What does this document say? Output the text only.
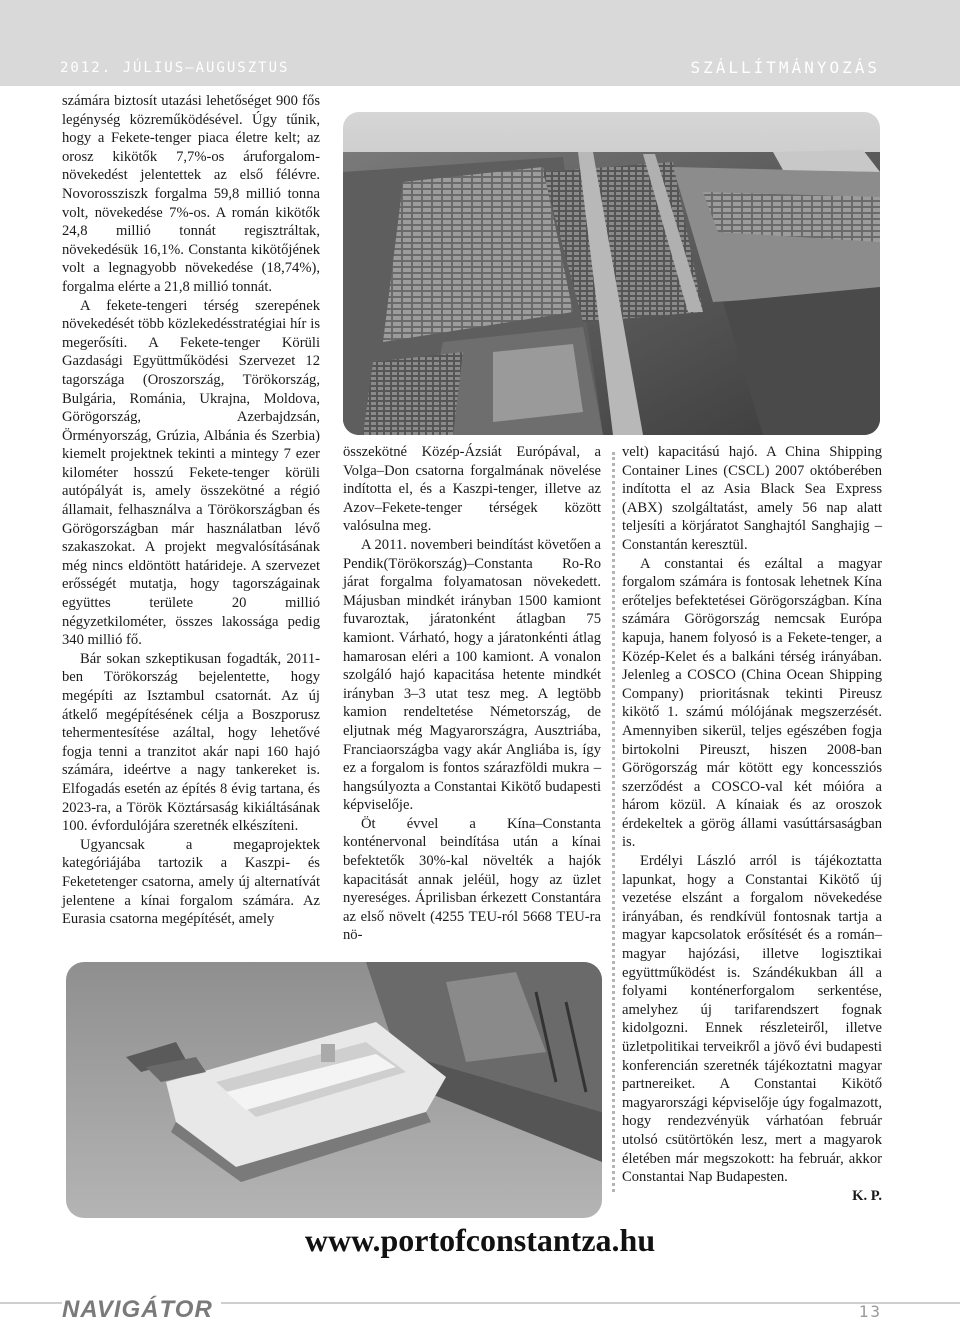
2012. JÚLIUS–AUGUSZTUS	SZÁLLÍTMÁNYOZÁS

számára biztosít utazási lehetőséget 900 fős legénység közreműködésével. Úgy tűnik, hogy a Fekete-tenger piaca életre kelt; az orosz kikötők 7,7%-os áruforgalom-növekedést jelentettek az első félévre. Novorossziszk forgalma 59,8 millió tonna volt, növekedése 7%-os. A román kikötők 24,8 millió tonnát regisztráltak, növekedésük 16,1%. Constanta kikötőjének volt a legnagyobb növekedése (18,74%), forgalma elérte a 21,8 millió tonnát.

A fekete-tengeri térség szerepének növekedését több közlekedésstratégiai hír is megerősíti. A Fekete-tenger Körüli Gazdasági Együttműködési Szervezet 12 tagországa (Oroszország, Törökország, Bulgária, Románia, Ukrajna, Moldova, Görögország, Azerbajdzsán, Örményország, Grúzia, Albánia és Szerbia) kiemelt projektnek tekinti a mintegy 7 ezer kilométer hosszú Fekete-tenger körüli autópályát is, amely összekötné a régió államait, felhasználva a Törökországban és Görögországban már használatban lévő szakaszokat. A projekt megvalósításának még nincs eldöntött határideje. A szervezet erősségét mutatja, hogy tagországainak együttes területe 20 millió négyzetkilométer, összes lakossága pedig 340 millió fő.

Bár sokan szkeptikusan fogadták, 2011-ben Törökország bejelentette, hogy megépíti az Isztambul csatornát. Az új átkelő megépítésének célja a Boszporusz tehermentesítése azáltal, hogy lehetővé fogja tenni a tranzitot akár napi 160 hajó számára, ideértve a nagy tankereket is. Elfogadás esetén az építés 8 évig tartana, és 2023-ra, a Török Köztársaság kikiáltásának 100. évfordulójára szeretnék elkészíteni.

Ugyancsak a megaprojektek kategóriájába tartozik a Kaszpi- és Feketetenger csatorna, amely új alternatívát jelentene a kínai forgalom számára. Az Eurasia csatorna megépítését, amely

összekötné Közép-Ázsiát Európával, a Volga–Don csatorna forgalmának növelése indította el, és a Kaszpi-tenger, illetve az Azov–Fekete-tenger térségek között valósulna meg.

A 2011. novemberi beindítást követően a Pendik(Törökország)–Constanta Ro-Ro járat forgalma folyamatosan növekedett. Májusban mindkét irányban 1500 kamiont fuvaroztak, járatonként átlagban 75 kamiont. Várható, hogy a járatonkénti átlag hamarosan eléri a 100 kamiont. A vonalon szolgáló hajó kapacitása hetente mindkét irányban 3–3 utat tesz meg. A legtöbb kamion rendeltetése Németország, de eljutnak még Magyarországra, Ausztriába, Franciaországba vagy akár Angliába is, így ez a forgalom is fontos szárazföldi mukra – hangsúlyozta a Constantai Kikötő budapesti képviselője.

Öt évvel a Kína–Constanta konténervonal beindítása után a kínai befektetők 30%-kal növelték a hajók kapacitását annak jeléül, hogy az üzlet nyereséges. Áprilisban érkezett Constantára az első növelt (4255 TEU-ról 5668 TEU-ra nö-

velt) kapacitású hajó. A China Shipping Container Lines (CSCL) 2007 októberében indította el az Asia Black Sea Express (ABX) szolgáltatást, amely 56 nap alatt teljesíti a körjáratot Sanghajtól Sanghajig – Constantán keresztül.

A constantai és ezáltal a magyar forgalom számára is fontosak lehetnek Kína erőteljes befektetései Görögországban. Kína számára Görögország nemcsak Európa kapuja, hanem folyosó is a Fekete-tenger, a Közép-Kelet és a balkáni térség irányában. Jelenleg a COSCO (China Ocean Shipping Company) prioritásnak tekinti Pireusz kikötő 1. számú mólójának megszerzését. Amennyiben sikerül, teljes egészében fogja birtokolni Pireuszt, hiszen 2008-ban Görögország már kötött egy koncessziós szerződést a COSCO-val két móióra a három közül. A kínaiak és az oroszok érdekeltek a görög állami vasúttársaságban is.

Erdélyi László arról is tájékoztatta lapunkat, hogy a Constantai Kikötő új vezetése elszánt a forgalom növekedése irányában, és rendkívül fontosnak tartja a magyar kapcsolatok erősítését és a román–magyar hajózási, illetve logisztikai együttműködést is. Szándékukban áll a folyami konténerforgalom serkentése, amelyhez új tarifarendszert fognak kidolgozni. Ennek részleteiről, illetve üzletpolitikai terveikről a jövő évi budapesti konferencián szeretnék tájékoztatni magyar partnereiket. A Constantai Kikötő magyarországi képviselője úgy fogalmazott, hogy rendezvényük várhatóan február utolsó csütörtökén lesz, mert a magyarok életében már megszokott: ha február, akkor Constantai Nap Budapesten.

K. P.

www.portofconstantza.hu
NAVIGÁTOR	13
